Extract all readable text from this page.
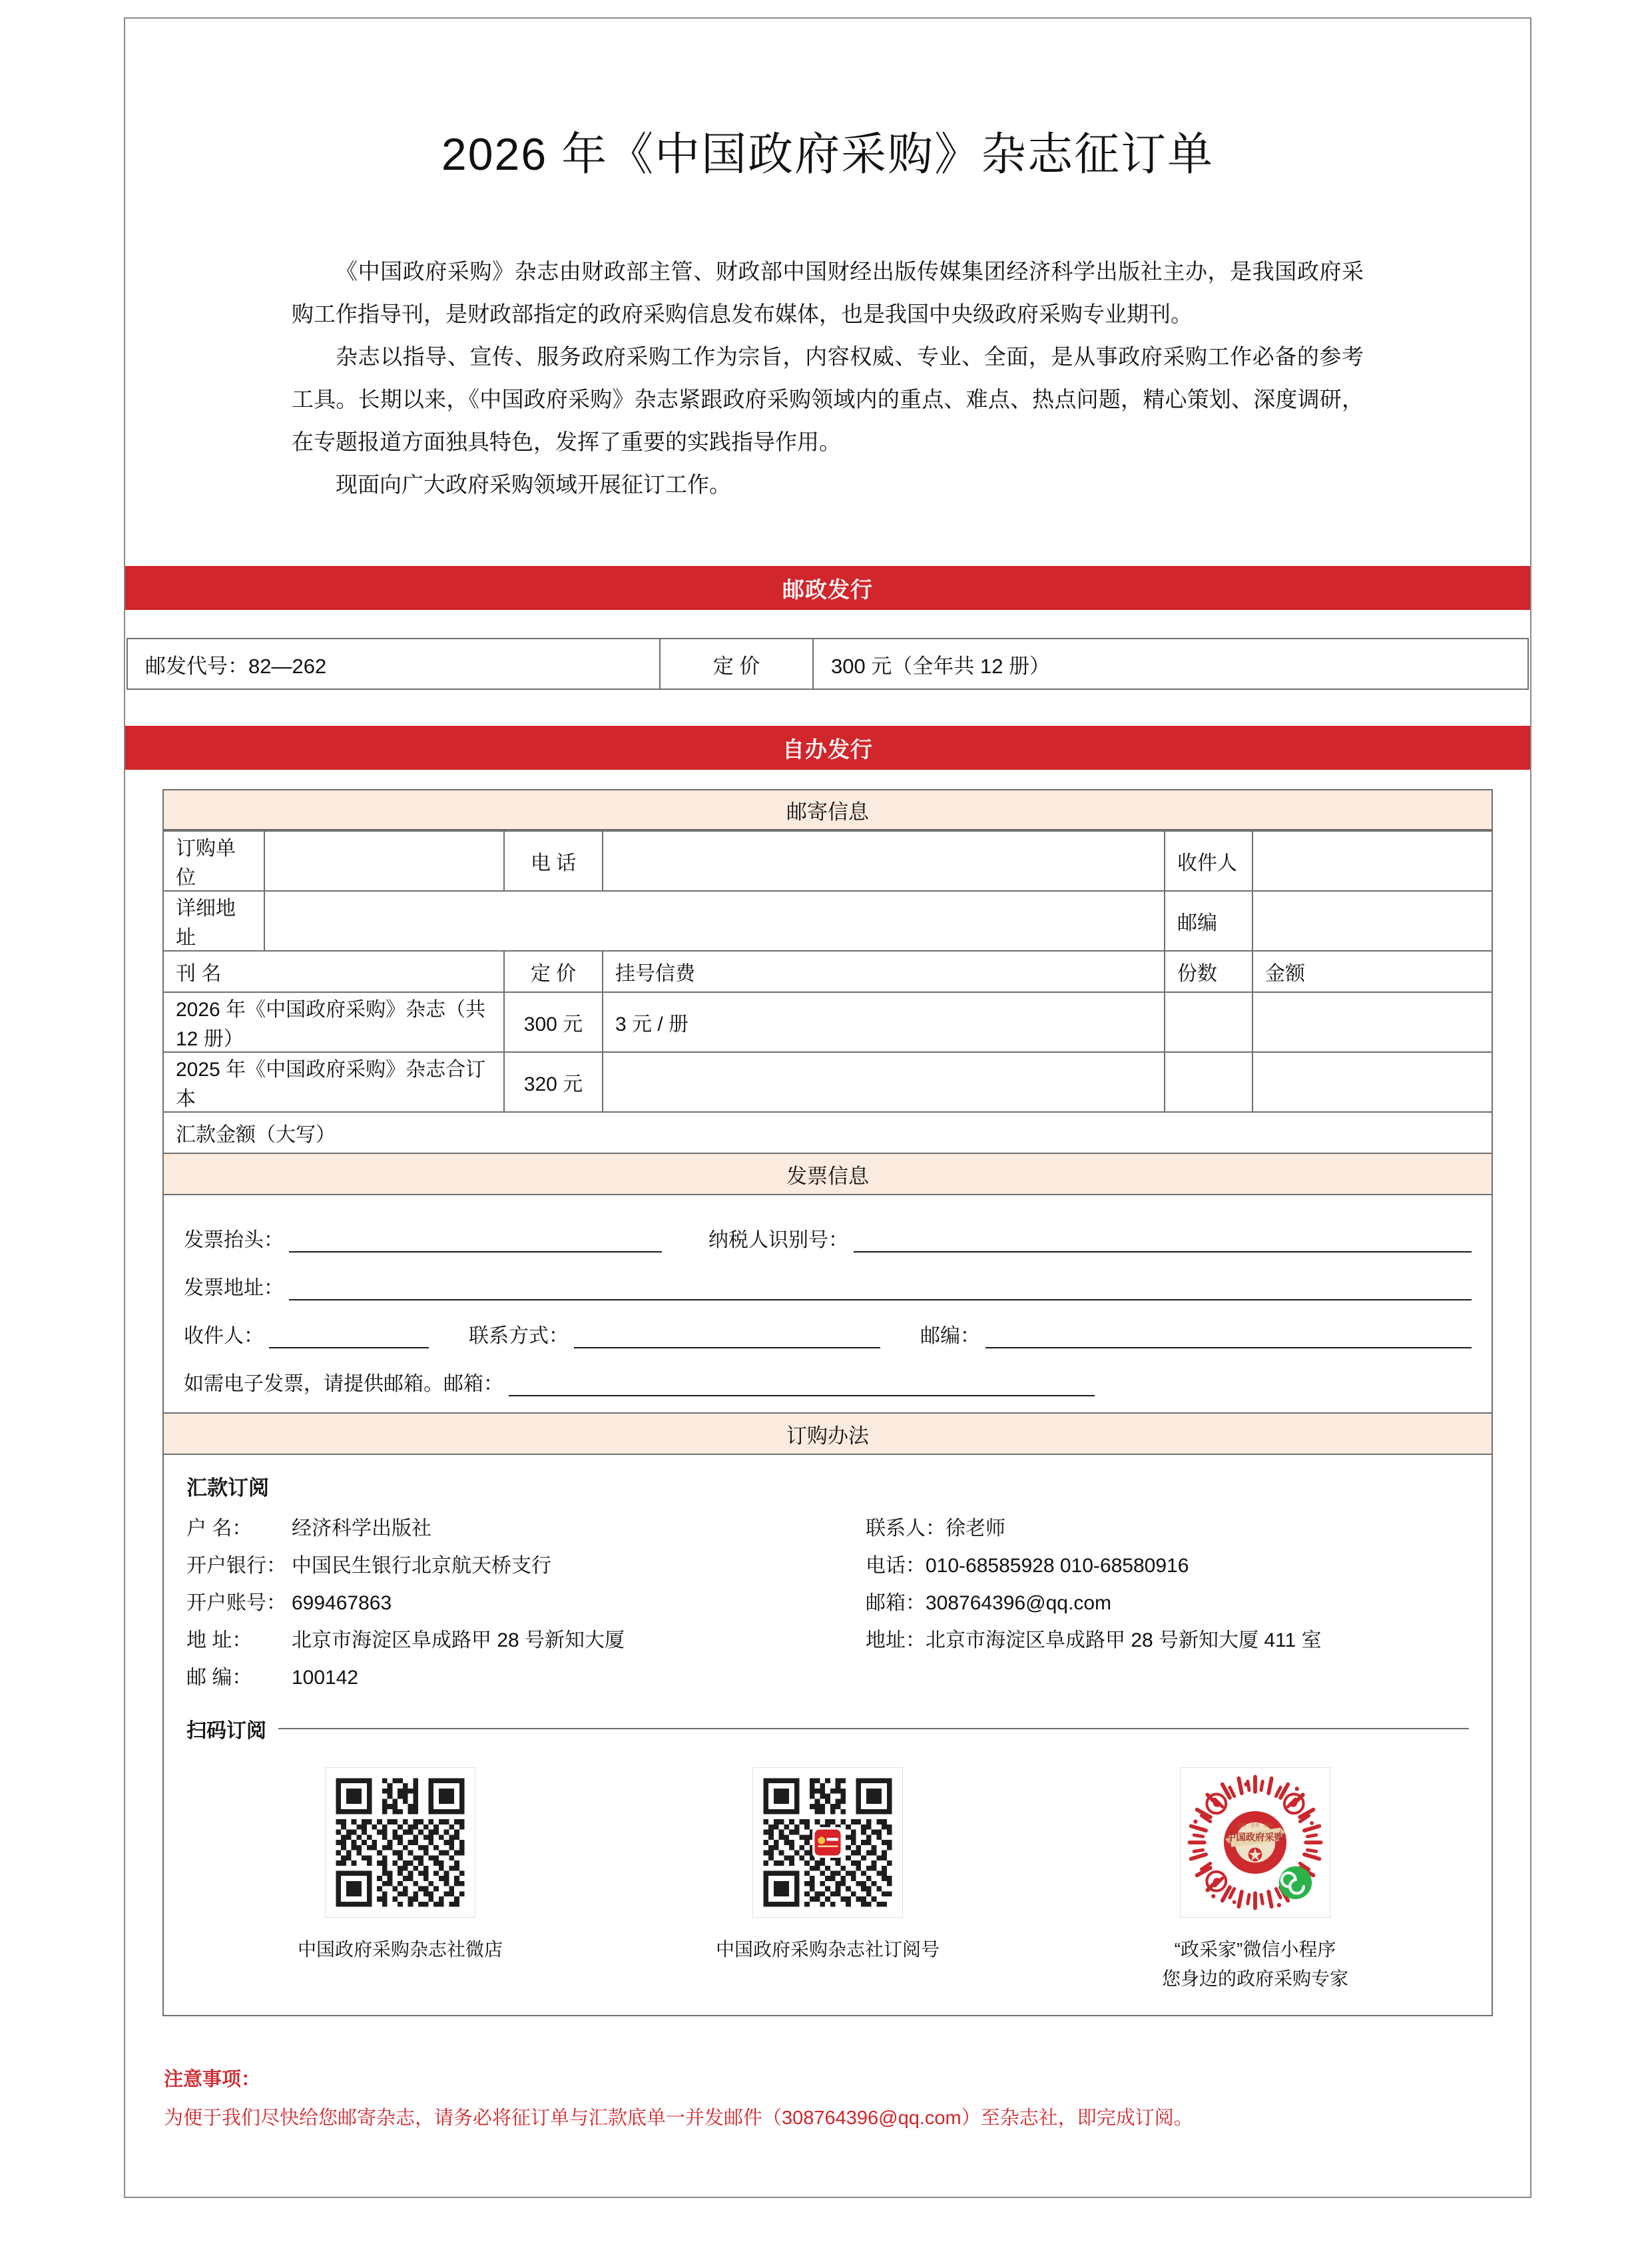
2026 年《中国政府采购》杂志征订单

《中国政府采购》杂志由财政部主管、财政部中国财经出版传媒集团经济科学出版社主办，是我国政府采购工作指导刊，是财政部指定的政府采购信息发布媒体，也是我国中央级政府采购专业期刊。

杂志以指导、宣传、服务政府采购工作为宗旨，内容权威、专业、全面，是从事政府采购工作必备的参考工具。长期以来，《中国政府采购》杂志紧跟政府采购领域内的重点、难点、热点问题，精心策划、深度调研，在专题报道方面独具特色，发挥了重要的实践指导作用。

现面向广大政府采购领域开展征订工作。

邮政发行
邮发代号：82—262	定 价	300 元（全年共 12 册）
自办发行
邮寄信息
订购单位		电 话		收件人	
详细地址				邮编	
刊 名		定 价	挂号信费	份数	金额
2026 年《中国政府采购》杂志（共 12 册）		300 元	3 元 / 册		
2025 年《中国政府采购》杂志合订本		320 元			
汇款金额（大写）					
发票信息
发票抬头：	纳税人识别号：
发票地址：
收件人：	联系方式：	邮编：
如需电子发票，请提供邮箱。邮箱：
订购办法
汇款订阅
户 名： 经济科学出版社
开户银行： 中国民生银行北京航天桥支行
开户账号： 699467863
地 址： 北京市海淀区阜成路甲 28 号新知大厦
邮 编： 100142
联系人：徐老师
电话：010-68585928 010-68580916
邮箱：308764396@qq.com
地址：北京市海淀区阜成路甲 28 号新知大厦 411 室
扫码订阅
中国政府采购杂志社微店	中国政府采购杂志社订阅号
中国政府采购
指导 · 宣传 · 服务
“政采家”微信小程序
您身边的政府采购专家
注意事项：
为便于我们尽快给您邮寄杂志，请务必将征订单与汇款底单一并发邮件（308764396@qq.com）至杂志社，即完成订阅。
